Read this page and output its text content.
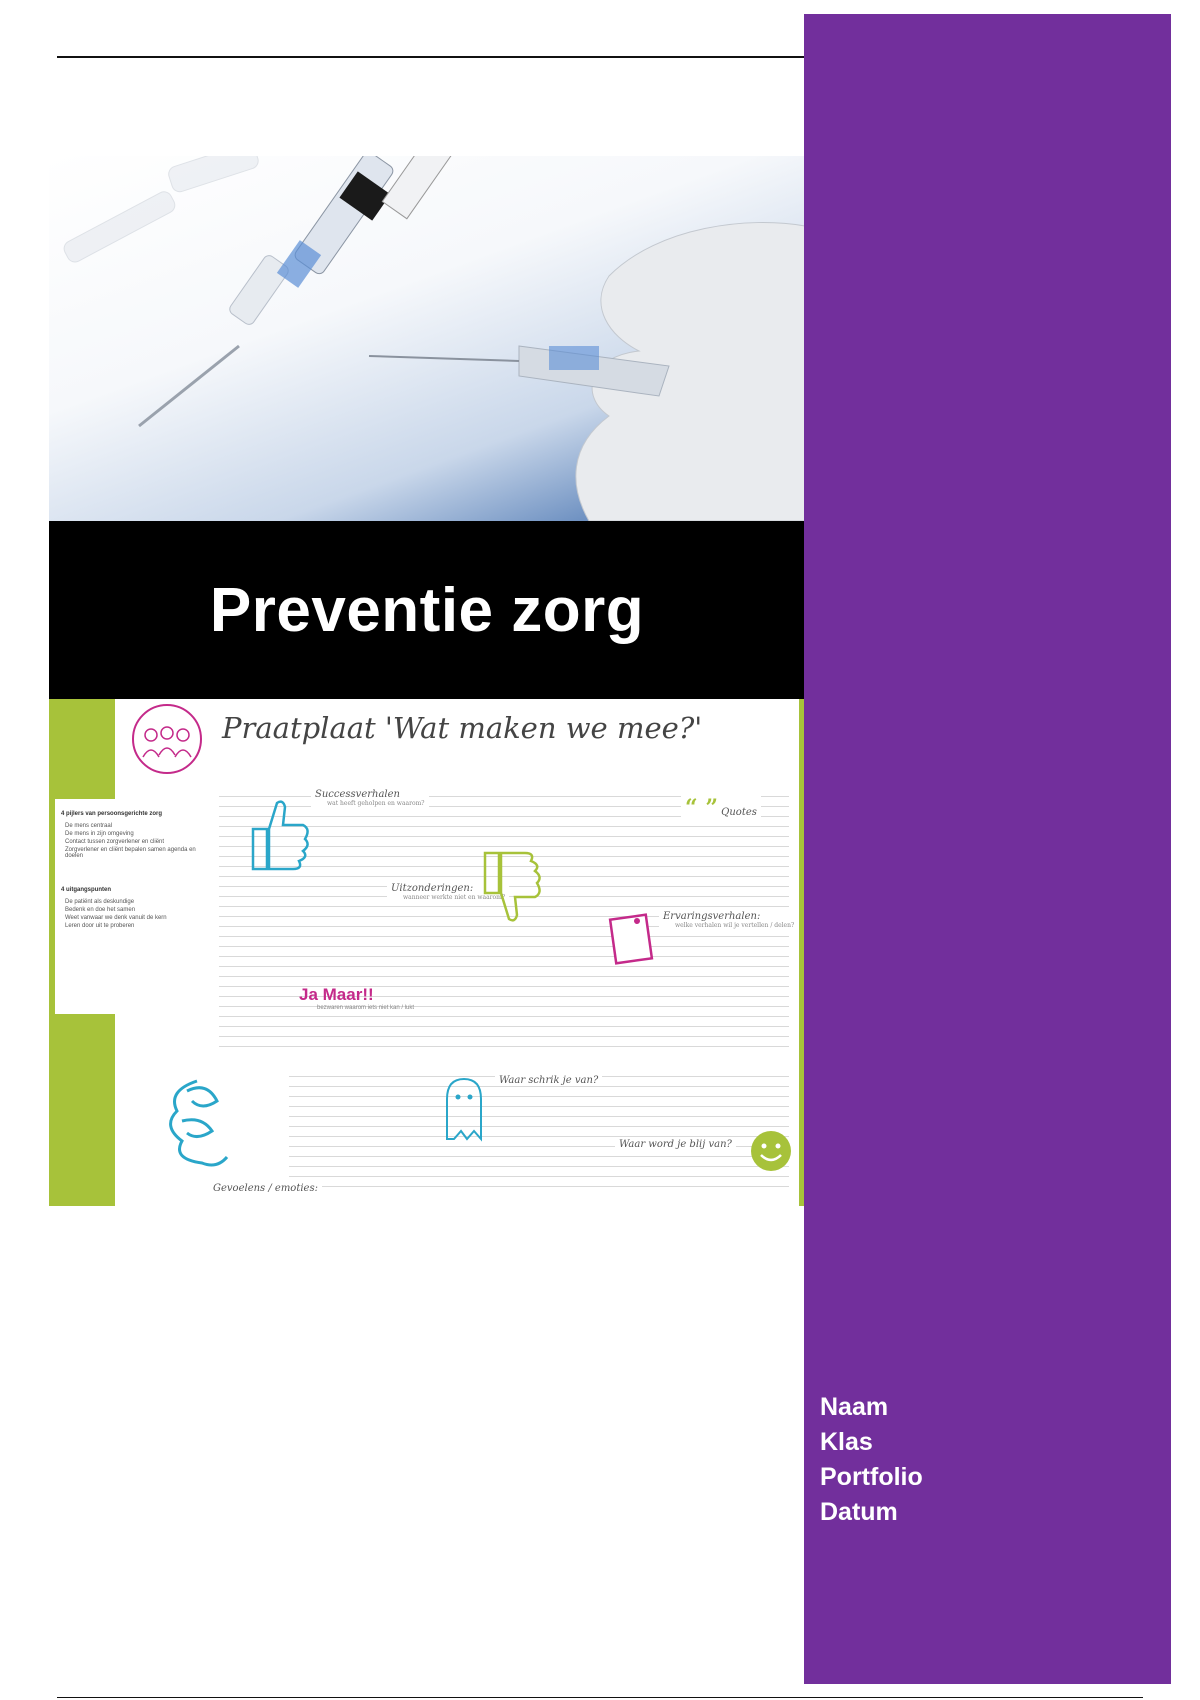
Preventie zorg
4 pijlers van persoonsgerichte zorg
De mens centraal
De mens in zijn omgeving
Contact tussen zorgverlener en cliënt
Zorgverlener en cliënt bepalen samen agenda en doelen
4 uitgangspunten
De patiënt als deskundige
Bedenk en doe het samen
Weet vanwaar we denk vanuit de kern
Leren door uit te proberen
Praatplaat 'Wat maken we mee?'
Successverhalen
wat heeft geholpen en waarom?	“ ” Quotes
Uitzonderingen:
wanneer werkte niet en waarom?
Ervaringsverhalen:
welke verhalen wil je vertellen / delen?
Ja Maar!!
bezwaren waarom iets niet kan / lukt
Waar schrik je van?
Waar word je blij van?
Gevoelens / emoties:
Naam
Klas
Portfolio
Datum
